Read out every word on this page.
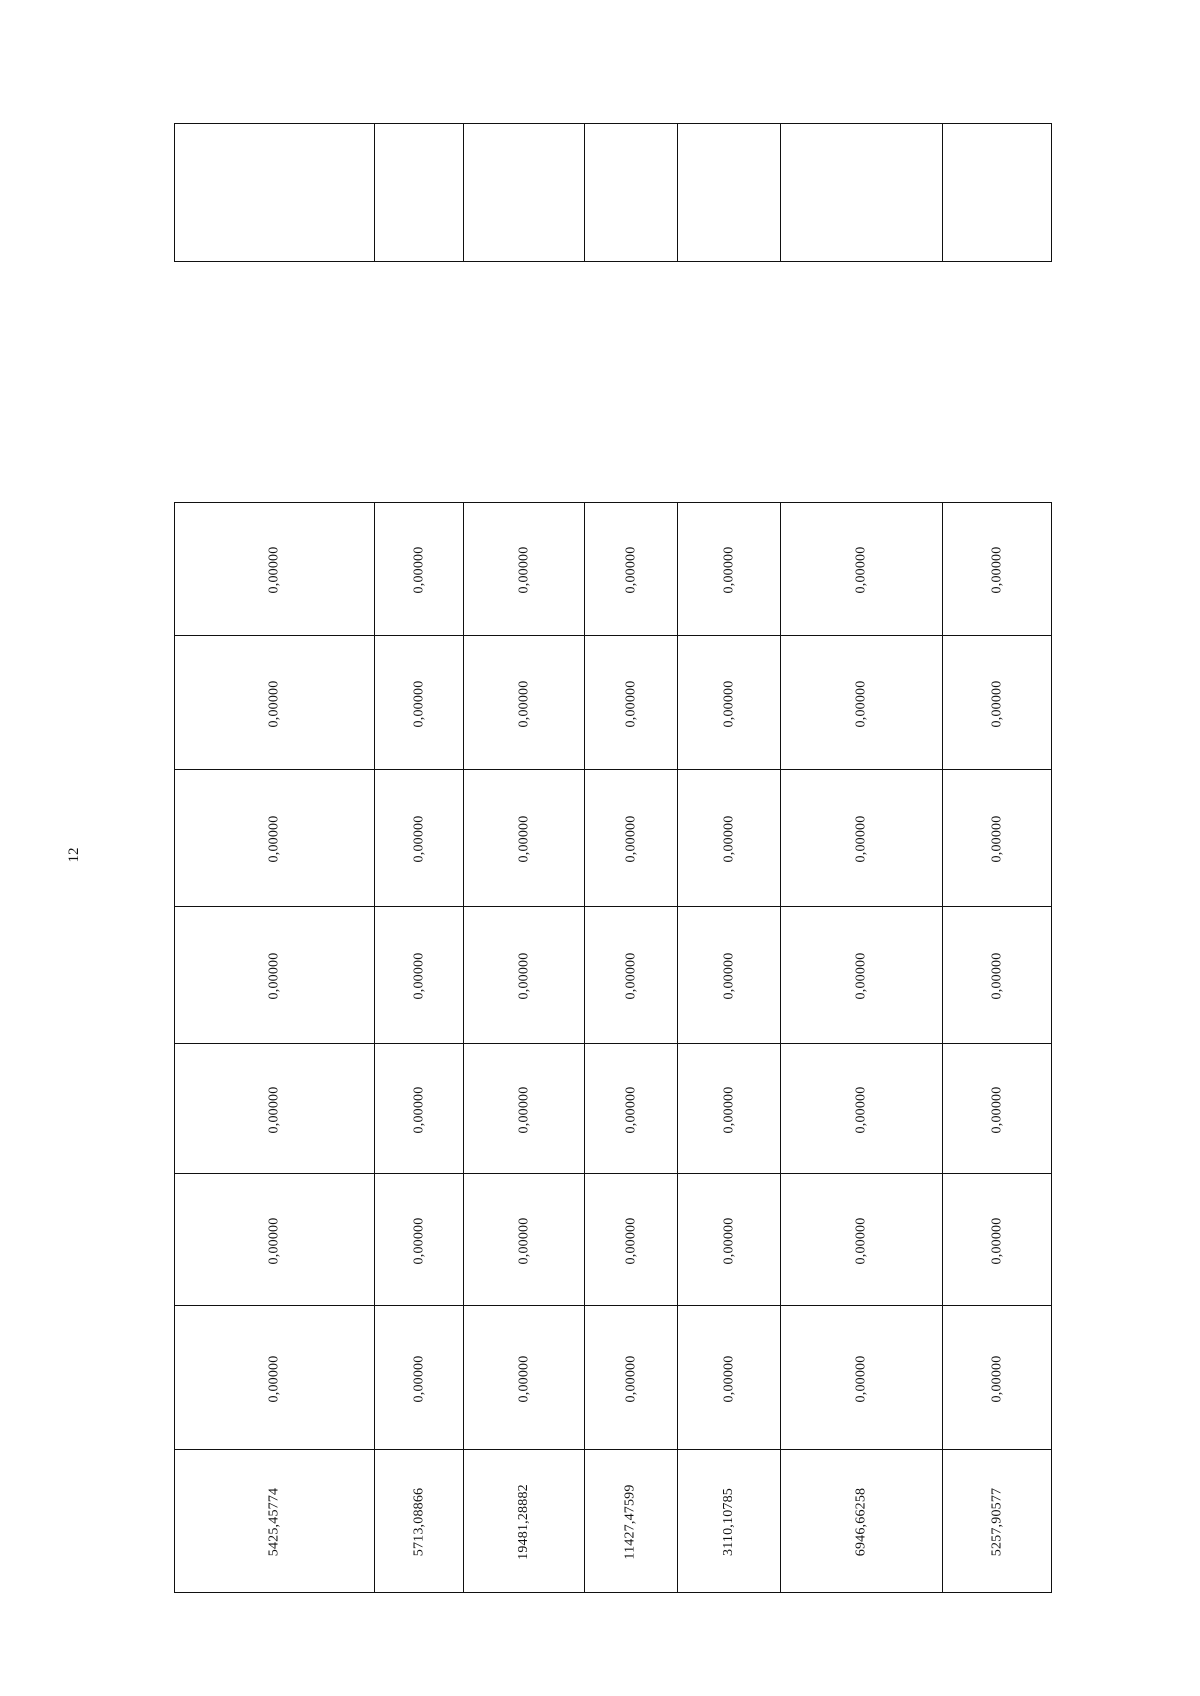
12

0,00000	0,00000	0,00000	0,00000	0,00000	0,00000	0,00000
0,00000	0,00000	0,00000	0,00000	0,00000	0,00000	0,00000
0,00000	0,00000	0,00000	0,00000	0,00000	0,00000	0,00000
0,00000	0,00000	0,00000	0,00000	0,00000	0,00000	0,00000
0,00000	0,00000	0,00000	0,00000	0,00000	0,00000	0,00000
0,00000	0,00000	0,00000	0,00000	0,00000	0,00000	0,00000
0,00000	0,00000	0,00000	0,00000	0,00000	0,00000	0,00000
5425,45774	5713,08866	19481,28882	11427,47599	3110,10785	6946,66258	5257,90577
